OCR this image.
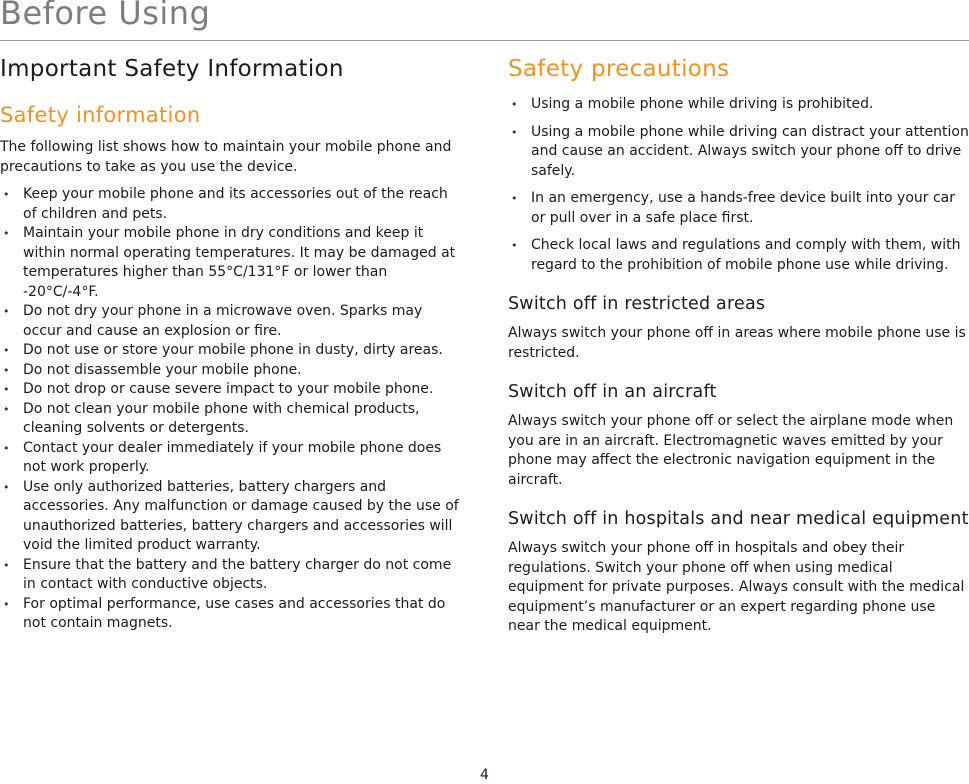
Before Using
Important Safety Information
Safety information

The following list shows how to maintain your mobile phone and precautions to take as you use the device.

• Keep your mobile phone and its accessories out of the reach of children and pets.
• Maintain your mobile phone in dry conditions and keep it within normal operating temperatures. It may be damaged at temperatures higher than 55°C/131°F or lower than -20°C/-4°F.
• Do not dry your phone in a microwave oven. Sparks may occur and cause an explosion or fire.
• Do not use or store your mobile phone in dusty, dirty areas.
• Do not disassemble your mobile phone.
• Do not drop or cause severe impact to your mobile phone.
• Do not clean your mobile phone with chemical products, cleaning solvents or detergents.
• Contact your dealer immediately if your mobile phone does not work properly.
• Use only authorized batteries, battery chargers and accessories. Any malfunction or damage caused by the use of unauthorized batteries, battery chargers and accessories will void the limited product warranty.
• Ensure that the battery and the battery charger do not come in contact with conductive objects.
• For optimal performance, use cases and accessories that do not contain magnets.
Safety precautions
• Using a mobile phone while driving is prohibited.
• Using a mobile phone while driving can distract your attention and cause an accident. Always switch your phone off to drive safely.
• In an emergency, use a hands-free device built into your car or pull over in a safe place first.
• Check local laws and regulations and comply with them, with regard to the prohibition of mobile phone use while driving.
Switch off in restricted areas

Always switch your phone off in areas where mobile phone use is restricted.

Switch off in an aircraft

Always switch your phone off or select the airplane mode when you are in an aircraft. Electromagnetic waves emitted by your phone may affect the electronic navigation equipment in the aircraft.

Switch off in hospitals and near medical equipment

Always switch your phone off in hospitals and obey their regulations. Switch your phone off when using medical equipment for private purposes. Always consult with the medical equipment’s manufacturer or an expert regarding phone use near the medical equipment.

4
